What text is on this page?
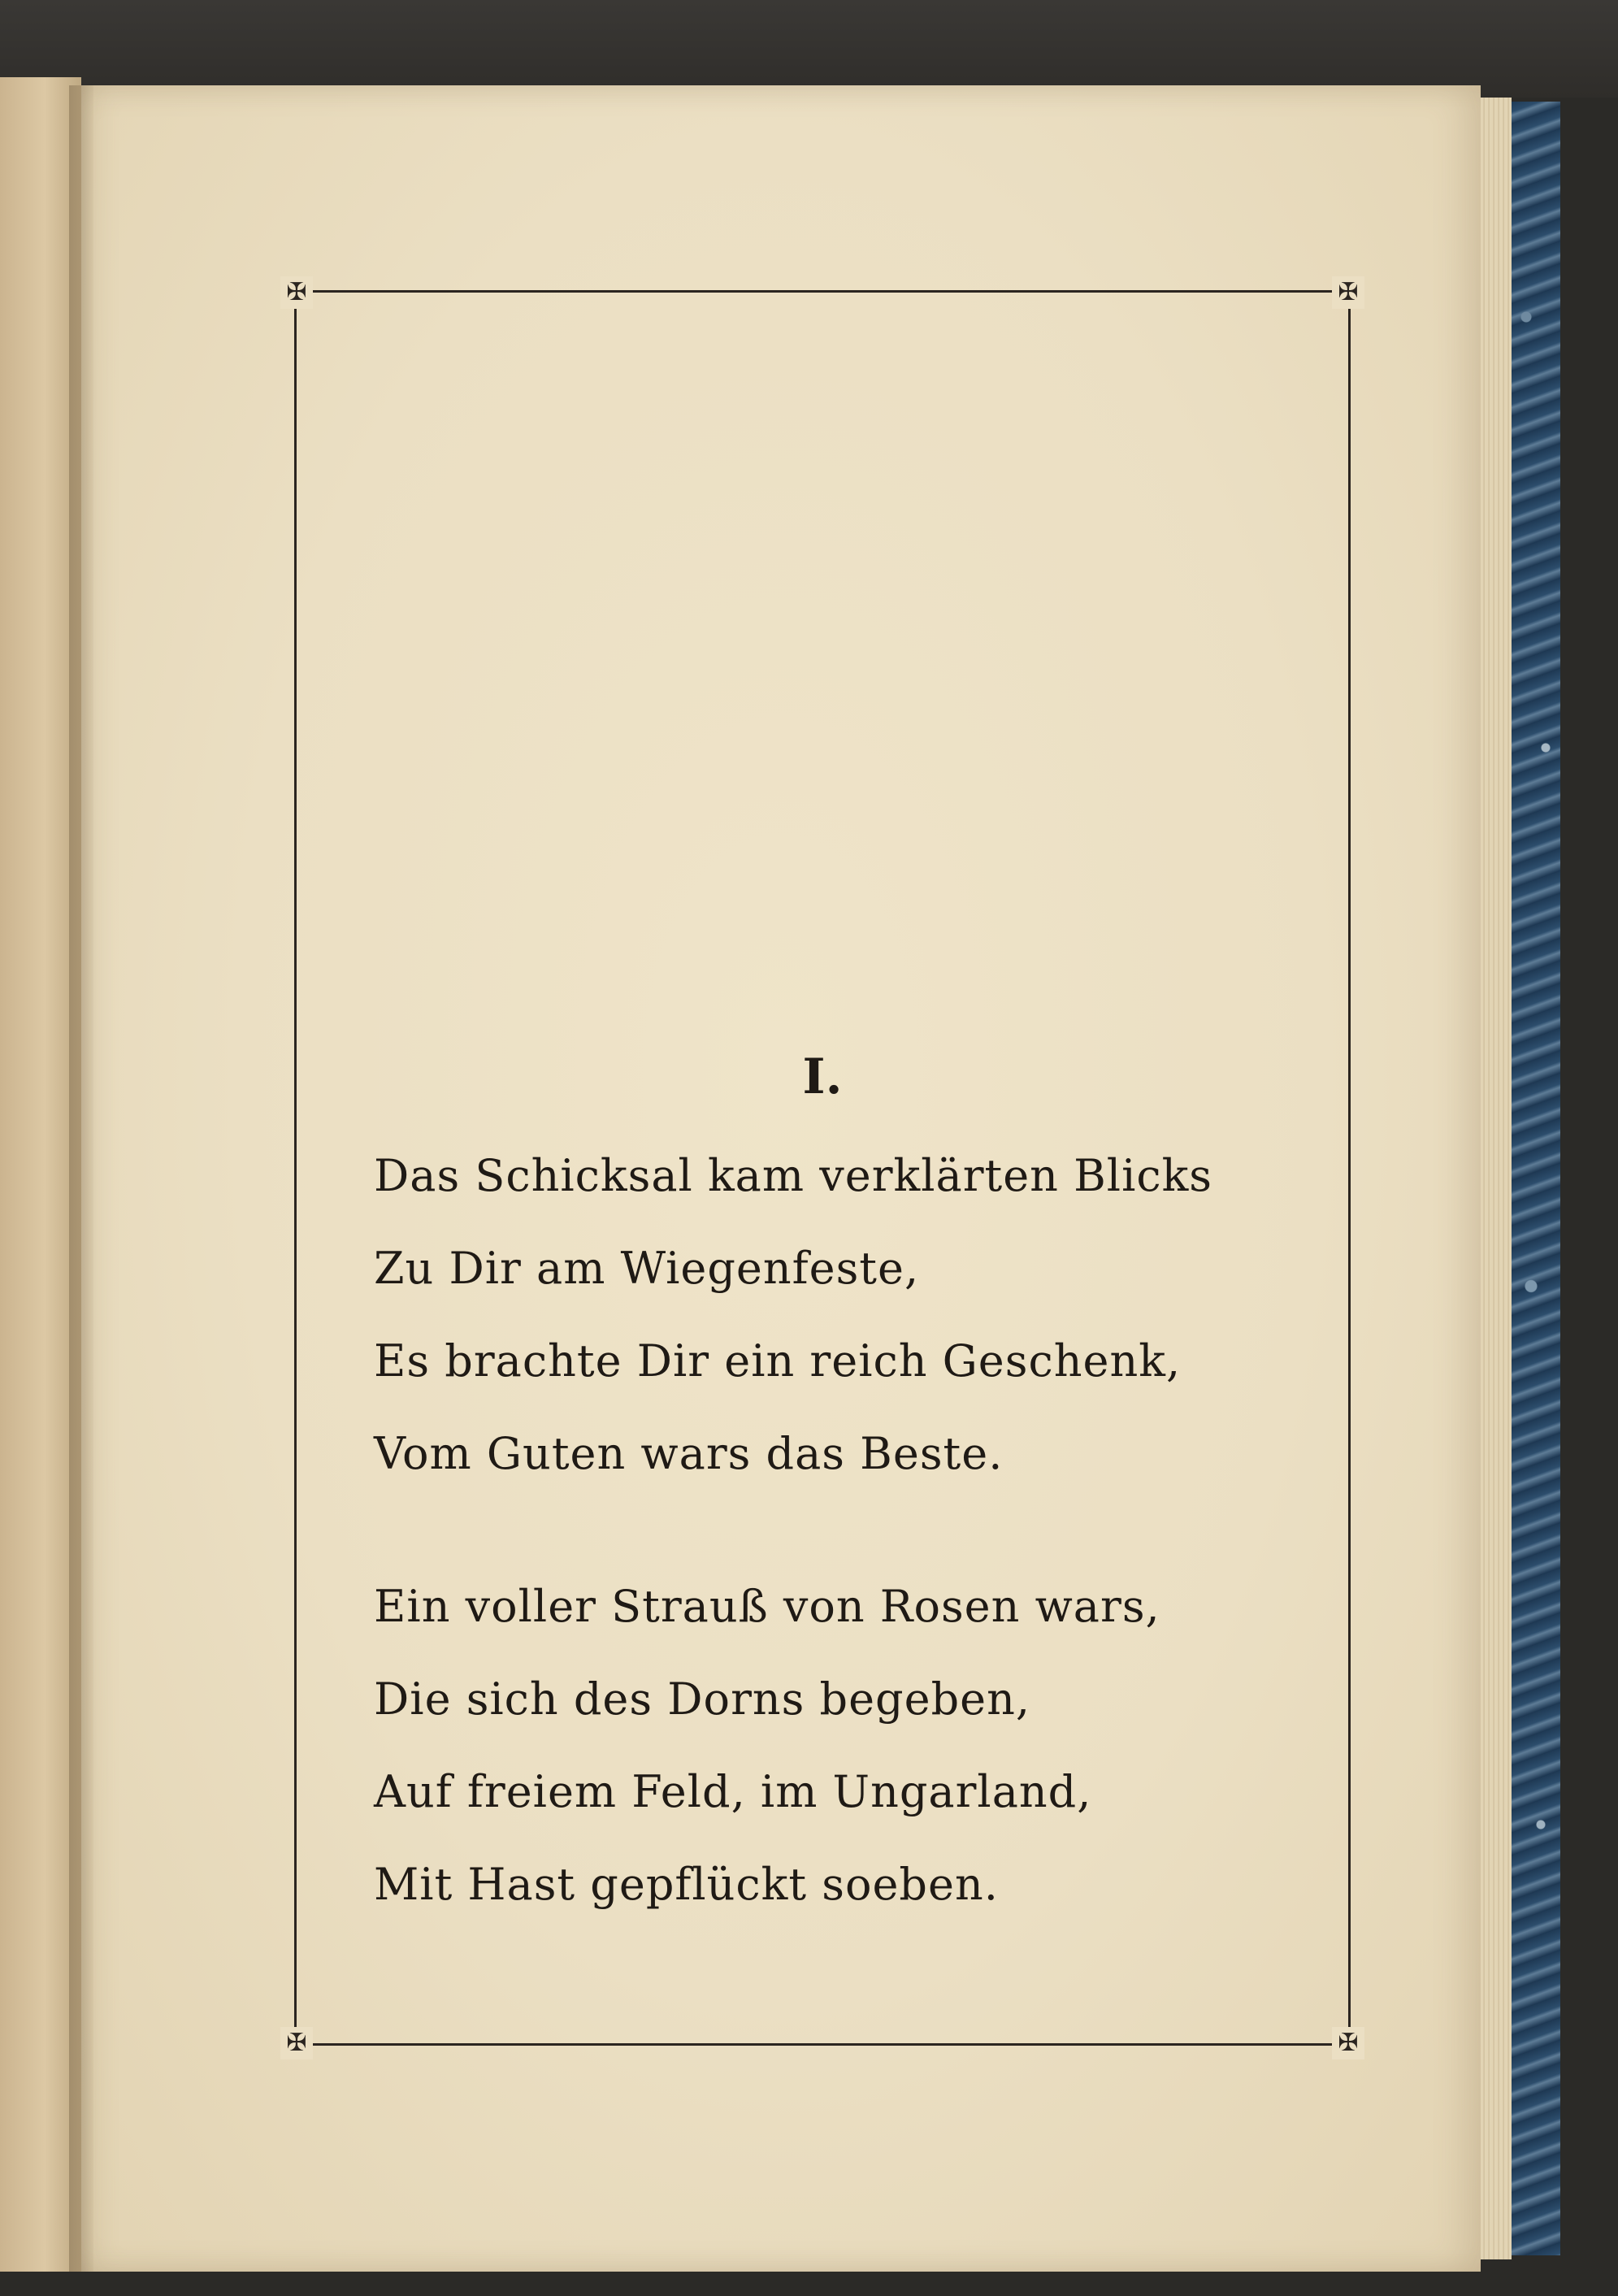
✠	✠
✠	✠
I.
Das Schicksal kam verklärten Blicks
Zu Dir am Wiegenfeste,
Es brachte Dir ein reich Geschenk,
Vom Guten wars das Beste.
Ein voller Strauß von Rosen wars,
Die sich des Dorns begeben,
Auf freiem Feld, im Ungarland,
Mit Hast gepflückt soeben.
